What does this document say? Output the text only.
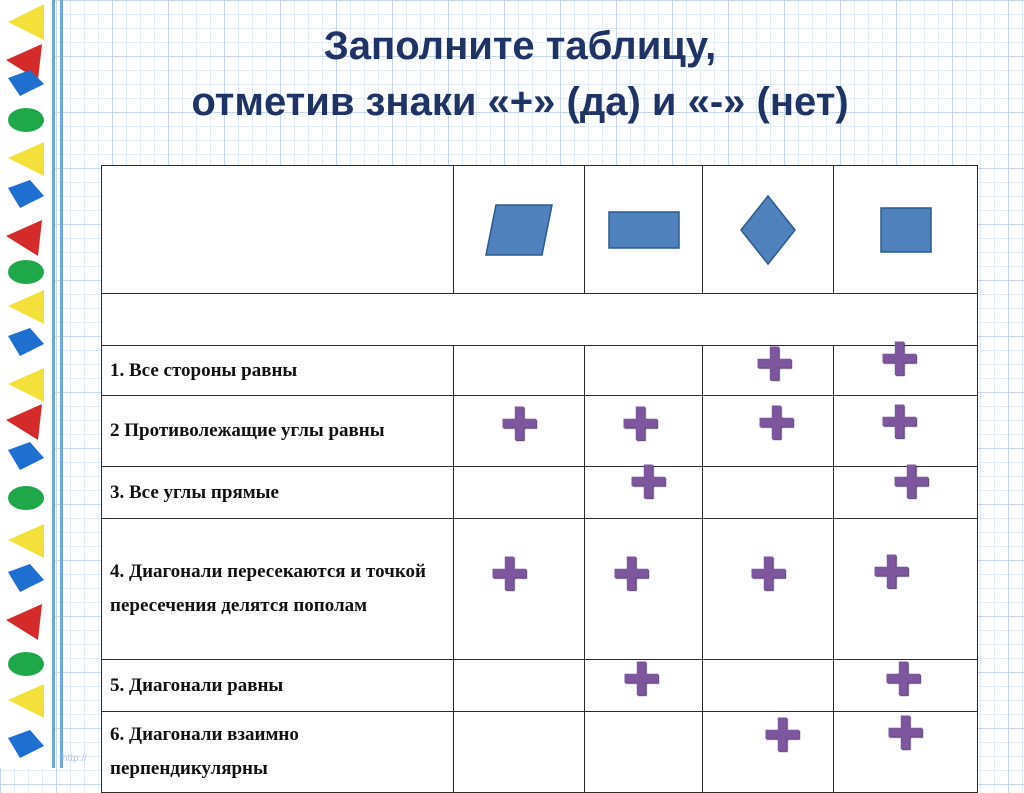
Заполните таблицу,
отметив знаки «+» (да) и «-» (нет)

1. Все стороны равны			✚	✚

2 Противолежащие углы равны	✚	✚	✚	✚

3. Все углы прямые		✚		✚

4. Диагонали пересекаются и точкой пересечения делятся пополам	✚	✚	✚	✚

5. Диагонали равны		✚		✚

6. Диагонали взаимно перпендикулярны			✚	✚
http://
